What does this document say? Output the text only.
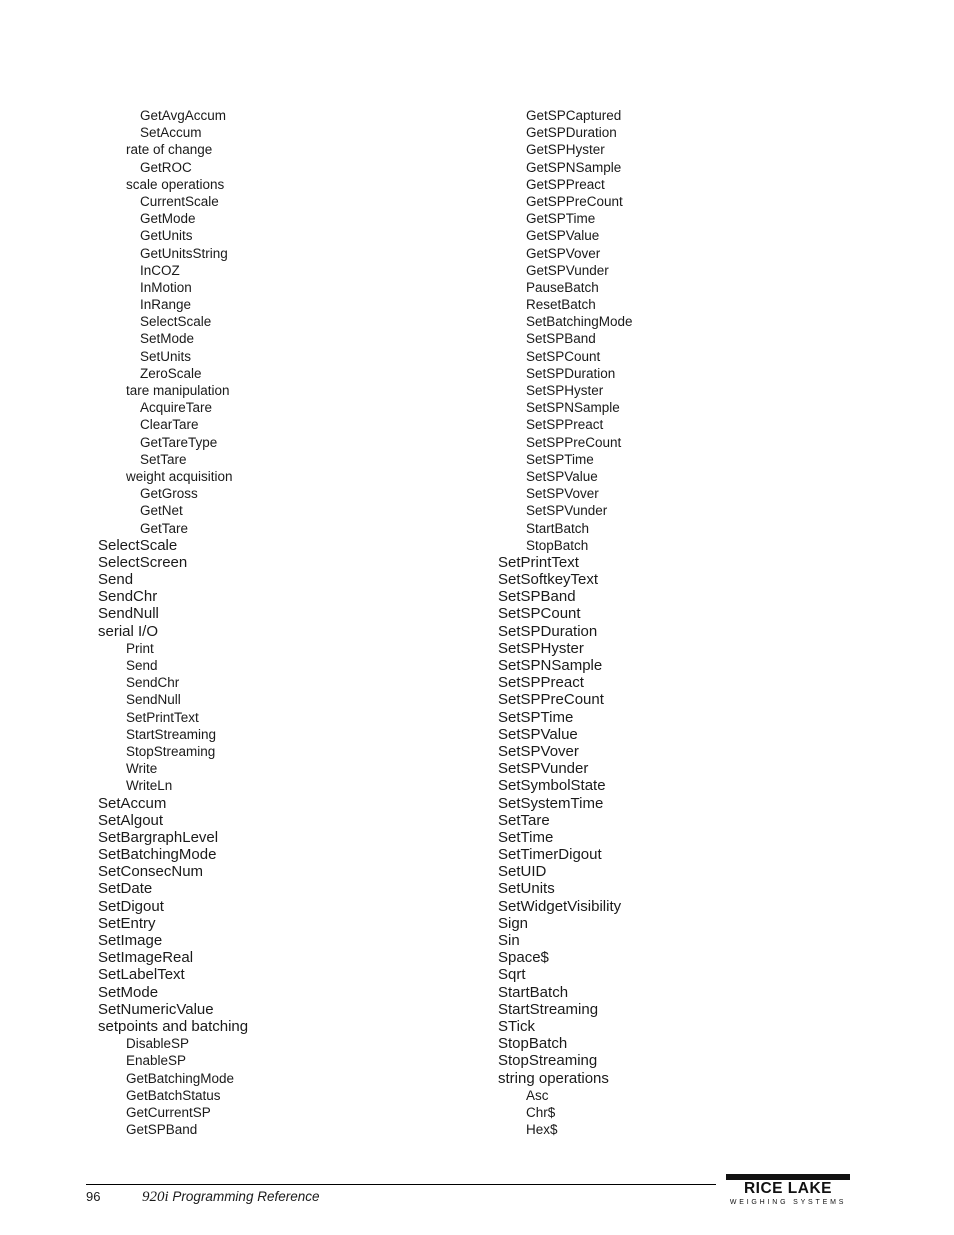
GetAvgAccum
SetAccum
rate of change
GetROC
scale operations
CurrentScale
GetMode
GetUnits
GetUnitsString
InCOZ
InMotion
InRange
SelectScale
SetMode
SetUnits
ZeroScale
tare manipulation
AcquireTare
ClearTare
GetTareType
SetTare
weight acquisition
GetGross
GetNet
GetTare
SelectScale
SelectScreen
Send
SendChr
SendNull
serial I/O
Print
Send
SendChr
SendNull
SetPrintText
StartStreaming
StopStreaming
Write
WriteLn
SetAccum
SetAlgout
SetBargraphLevel
SetBatchingMode
SetConsecNum
SetDate
SetDigout
SetEntry
SetImage
SetImageReal
SetLabelText
SetMode
SetNumericValue
setpoints and batching
DisableSP
EnableSP
GetBatchingMode
GetBatchStatus
GetCurrentSP
GetSPBand
GetSPCaptured
GetSPDuration
GetSPHyster
GetSPNSample
GetSPPreact
GetSPPreCount
GetSPTime
GetSPValue
GetSPVover
GetSPVunder
PauseBatch
ResetBatch
SetBatchingMode
SetSPBand
SetSPCount
SetSPDuration
SetSPHyster
SetSPNSample
SetSPPreact
SetSPPreCount
SetSPTime
SetSPValue
SetSPVover
SetSPVunder
StartBatch
StopBatch
SetPrintText
SetSoftkeyText
SetSPBand
SetSPCount
SetSPDuration
SetSPHyster
SetSPNSample
SetSPPreact
SetSPPreCount
SetSPTime
SetSPValue
SetSPVover
SetSPVunder
SetSymbolState
SetSystemTime
SetTare
SetTime
SetTimerDigout
SetUID
SetUnits
SetWidgetVisibility
Sign
Sin
Space$
Sqrt
StartBatch
StartStreaming
STick
StopBatch
StopStreaming
string operations
Asc
Chr$
Hex$
96	920i Programming Reference	RICE LAKE
WEIGHING SYSTEMS
